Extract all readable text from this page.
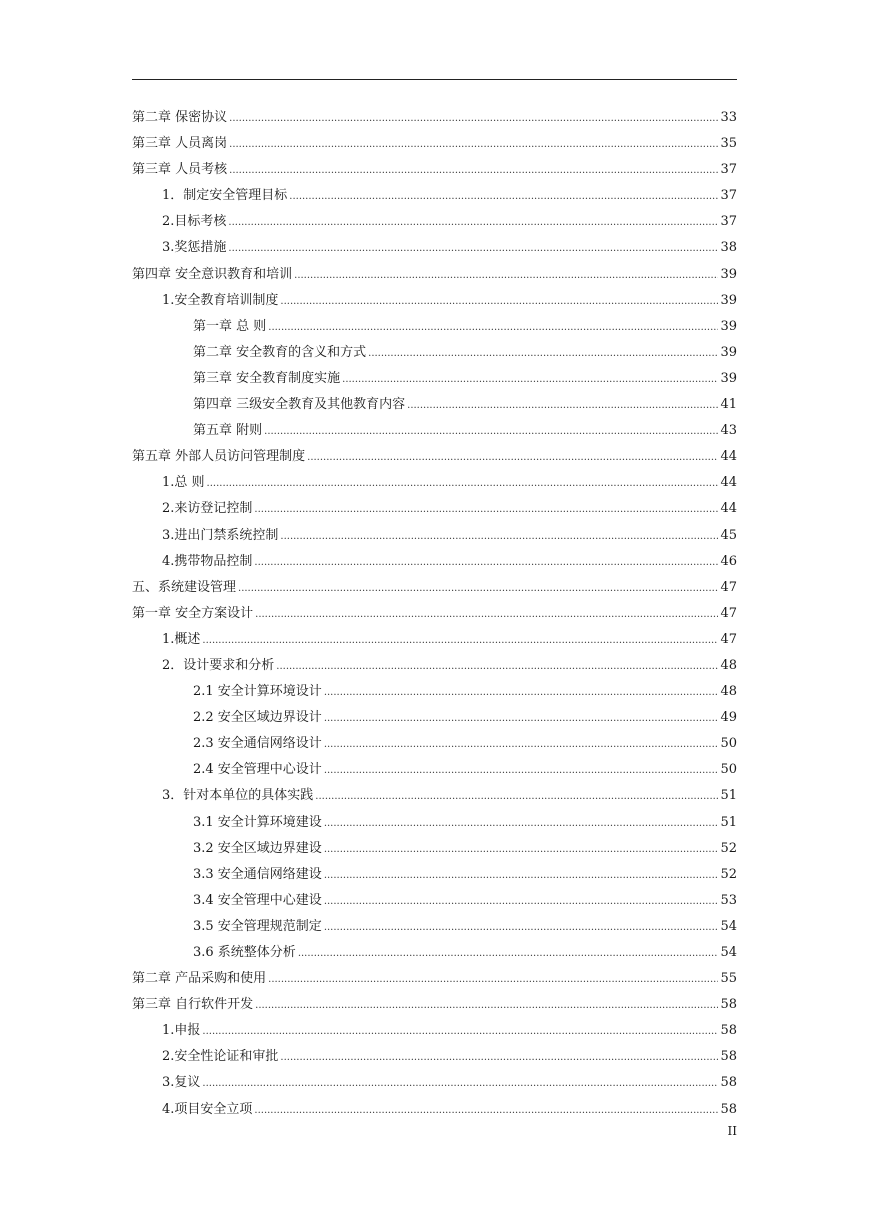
第二章 保密协议 .....	33
第三章 人员离岗 .....	35
第三章 人员考核 .....	37
1．制定安全管理目标 .....	37
2.目标考核 .....	37
3.奖惩措施 .....	38
第四章 安全意识教育和培训 .....	39
1.安全教育培训制度 .....	39
第一章 总 则 .....	39
第二章 安全教育的含义和方式 .....	39
第三章 安全教育制度实施 .....	39
第四章 三级安全教育及其他教育内容 .....	41
第五章 附则 .....	43
第五章 外部人员访问管理制度 .....	44
1.总 则 .....	44
2.来访登记控制 .....	44
3.进出门禁系统控制 .....	45
4.携带物品控制 .....	46
五、系统建设管理 .....	47
第一章 安全方案设计 .....	47
1.概述 .....	47
2．设计要求和分析 .....	48
2.1 安全计算环境设计 .....	48
2.2 安全区域边界设计 .....	49
2.3 安全通信网络设计 .....	50
2.4 安全管理中心设计 .....	50
3．针对本单位的具体实践 .....	51
3.1 安全计算环境建设 .....	51
3.2 安全区域边界建设 .....	52
3.3 安全通信网络建设 .....	52
3.4 安全管理中心建设 .....	53
3.5 安全管理规范制定 .....	54
3.6 系统整体分析 .....	54
第二章 产品采购和使用 .....	55
第三章 自行软件开发 .....	58
1.申报 .....	58
2.安全性论证和审批 .....	58
3.复议 .....	58
4.项目安全立项 .....	58
II
